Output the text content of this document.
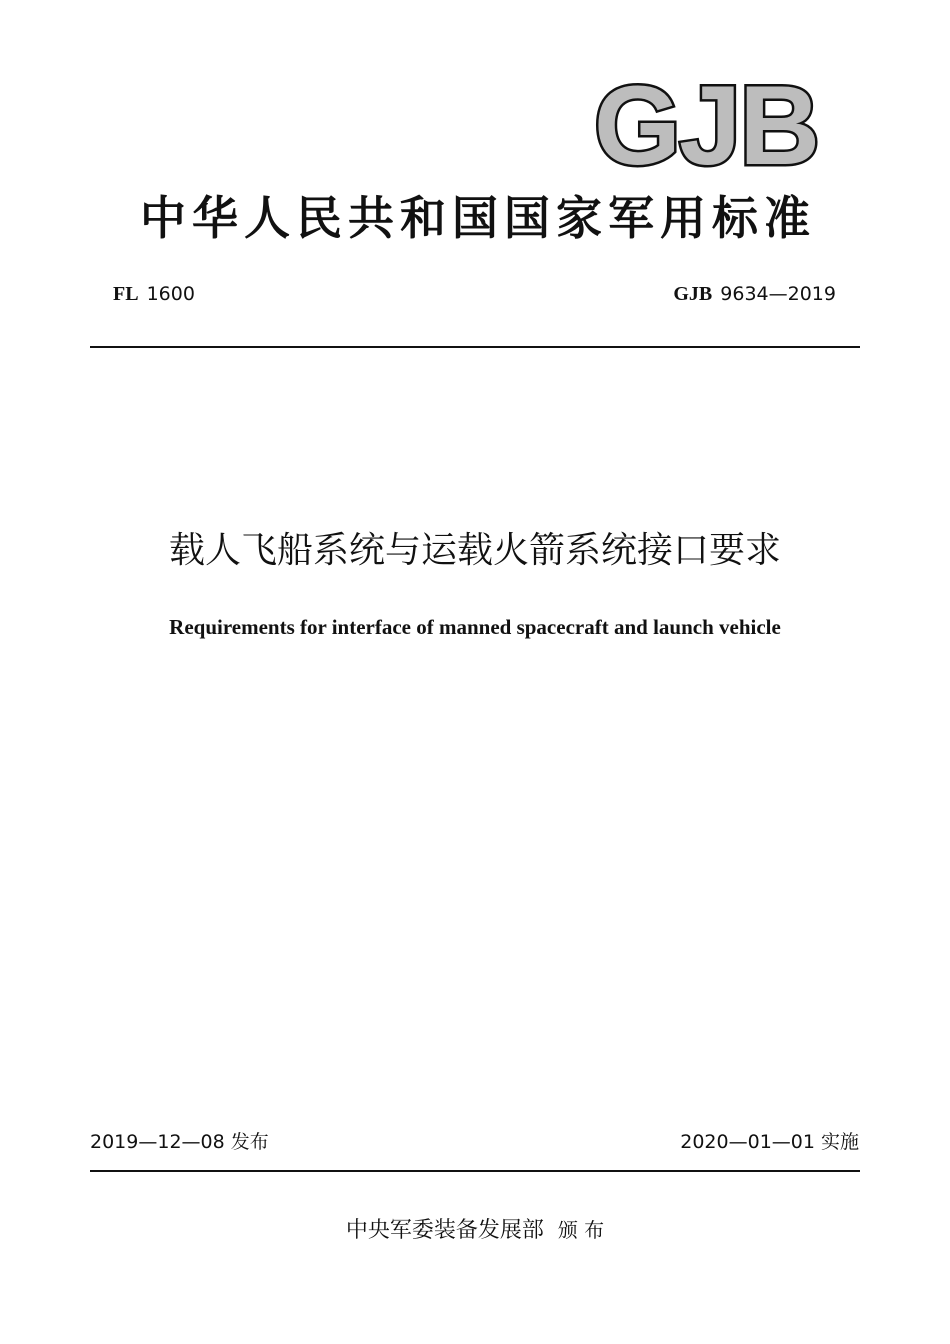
GJB
中华人民共和国国家军用标准
FL 1600	GJB 9634—2019
载人飞船系统与运载火箭系统接口要求
Requirements for interface of manned spacecraft and launch vehicle
2019—12—08 发布	2020—01—01 实施
中央军委装备发展部 颁 布
